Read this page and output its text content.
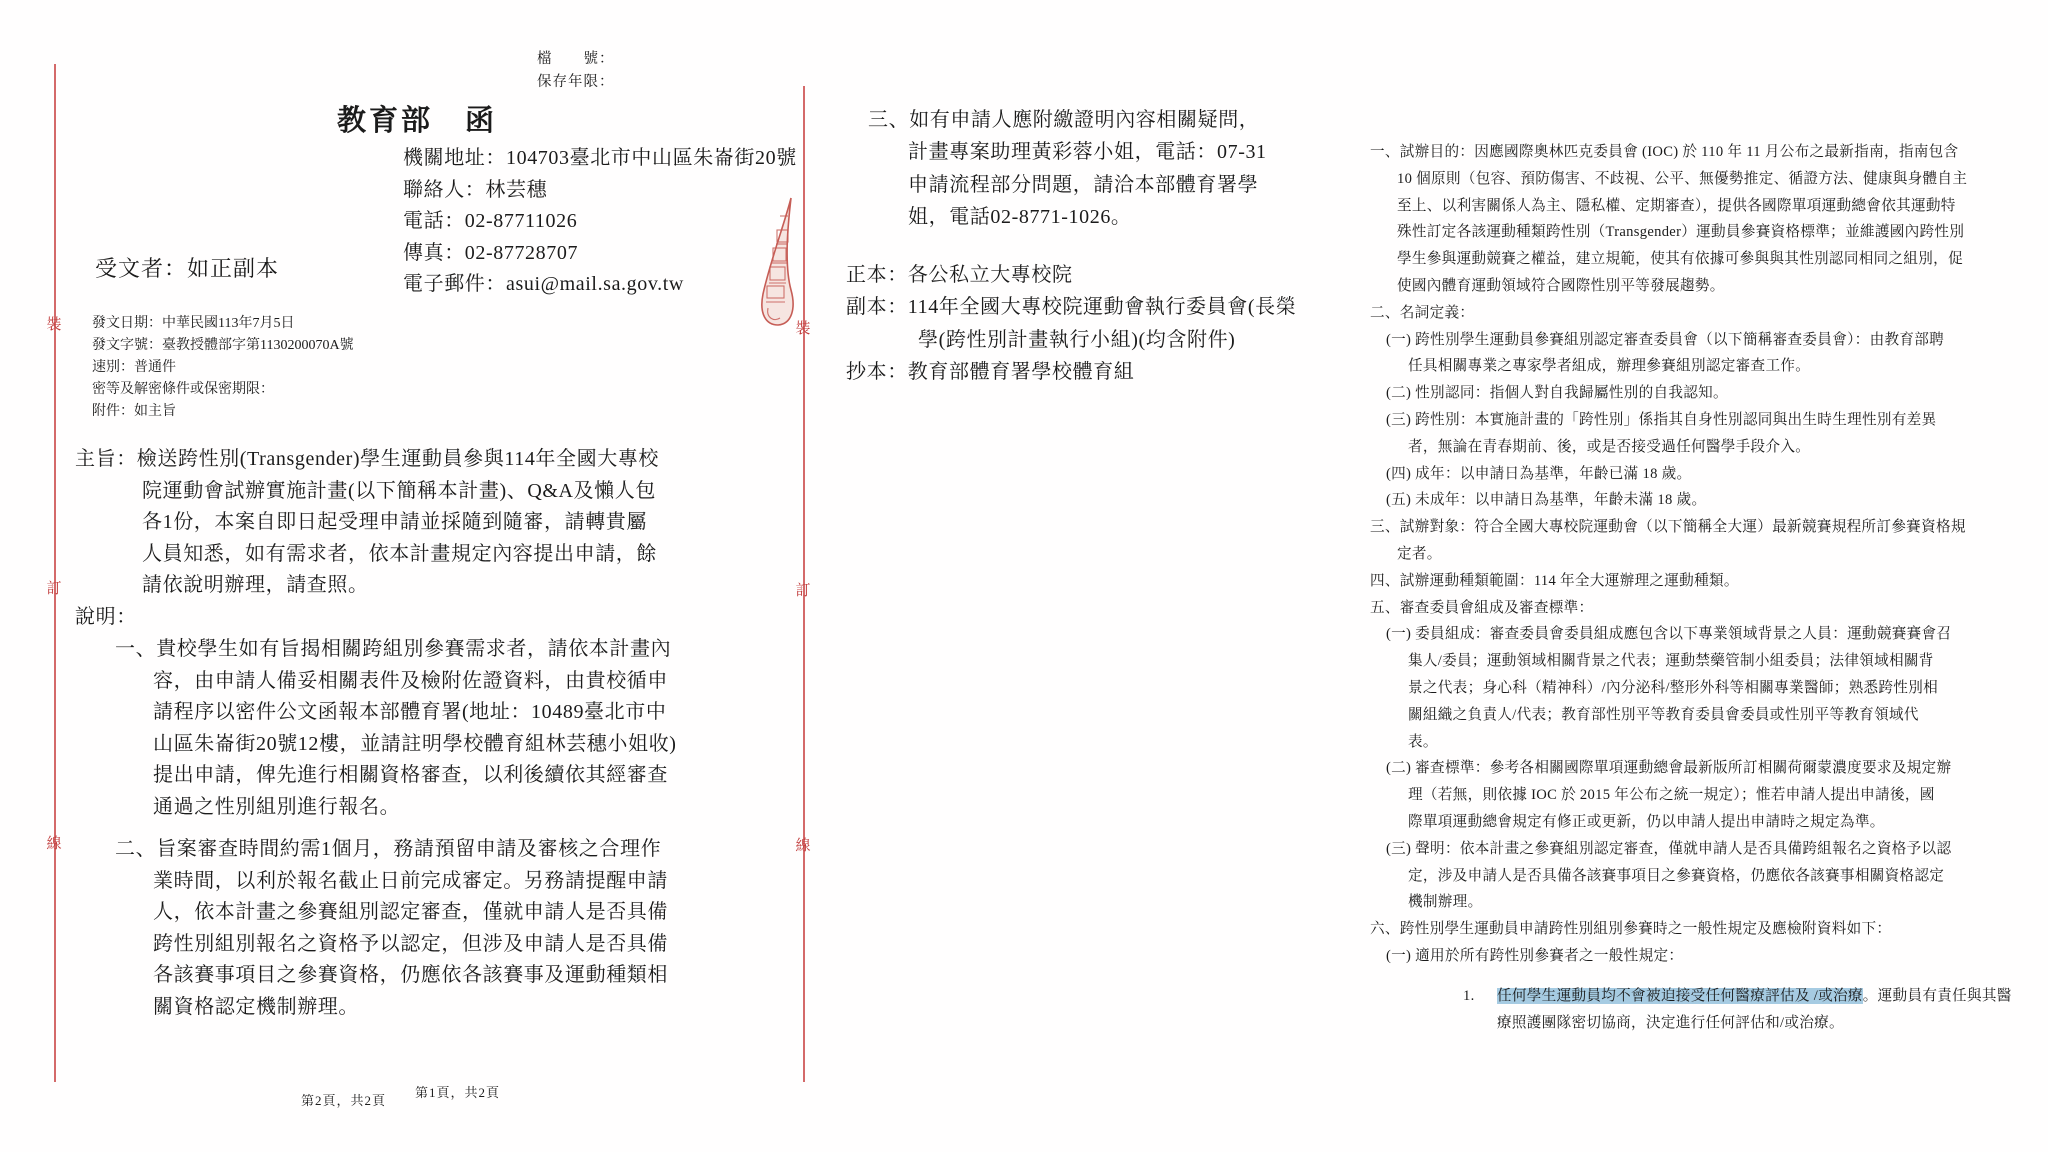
檔　　號：
保存年限：
教育部　函
機關地址：104703臺北市中山區朱崙街20號
聯絡人：林芸穗
電話：02-87711026
傳真：02-87728707
電子郵件：asui@mail.sa.gov.tw
受文者：如正副本
發文日期：中華民國113年7月5日
發文字號：臺教授體部字第1130200070A號
速別：普通件
密等及解密條件或保密期限：
附件：如主旨
主旨：檢送跨性別(Transgender)學生運動員參與114年全國大專校
院運動會試辦實施計畫(以下簡稱本計畫)、Q&A及懶人包
各1份，本案自即日起受理申請並採隨到隨審，請轉貴屬
人員知悉，如有需求者，依本計畫規定內容提出申請，餘
請依說明辦理，請查照。
說明：
一、貴校學生如有旨揭相關跨組別參賽需求者，請依本計畫內
容，由申請人備妥相關表件及檢附佐證資料，由貴校循申
請程序以密件公文函報本部體育署(地址：10489臺北市中
山區朱崙街20號12樓，並請註明學校體育組林芸穗小姐收)
提出申請，俾先進行相關資格審查，以利後續依其經審查
通過之性別組別進行報名。
二、旨案審查時間約需1個月，務請預留申請及審核之合理作
業時間，以利於報名截止日前完成審定。另務請提醒申請
人，依本計畫之參賽組別認定審查，僅就申請人是否具備
跨性別組別報名之資格予以認定，但涉及申請人是否具備
各該賽事項目之參賽資格，仍應依各該賽事及運動種類相
關資格認定機制辦理。
第1頁，共2頁
裝
訂
線
裝
訂
線
三、如有申請人應附繳證明內容相關疑問，
計畫專案助理黃彩蓉小姐，電話：07-31
申請流程部分問題，請洽本部體育署學
姐，電話02-8771-1026。
正本：各公私立大專校院
副本：114年全國大專校院運動會執行委員會(長榮
學(跨性別計畫執行小組)(均含附件)
抄本：教育部體育署學校體育組
第2頁，共2頁
一、試辦目的：因應國際奧林匹克委員會 (IOC) 於 110 年 11 月公布之最新指南，指南包含
10 個原則（包容、預防傷害、不歧視、公平、無優勢推定、循證方法、健康與身體自主
至上、以利害關係人為主、隱私權、定期審查），提供各國際單項運動總會依其運動特
殊性訂定各該運動種類跨性別（Transgender）運動員參賽資格標準；並維護國內跨性別
學生參與運動競賽之權益，建立規範，使其有依據可參與與其性別認同相同之組別，促
使國內體育運動領域符合國際性別平等發展趨勢。
二、名詞定義：
(一) 跨性別學生運動員參賽組別認定審查委員會（以下簡稱審查委員會）：由教育部聘
任具相關專業之專家學者組成，辦理參賽組別認定審查工作。
(二) 性別認同：指個人對自我歸屬性別的自我認知。
(三) 跨性別：本實施計畫的「跨性別」係指其自身性別認同與出生時生理性別有差異
者，無論在青春期前、後，或是否接受過任何醫學手段介入。
(四) 成年：以申請日為基準，年齡已滿 18 歲。
(五) 未成年：以申請日為基準，年齡未滿 18 歲。
三、試辦對象：符合全國大專校院運動會（以下簡稱全大運）最新競賽規程所訂參賽資格規
定者。
四、試辦運動種類範圍：114 年全大運辦理之運動種類。
五、審查委員會組成及審查標準：
(一) 委員組成：審查委員會委員組成應包含以下專業領域背景之人員：運動競賽賽會召
集人/委員；運動領域相關背景之代表；運動禁藥管制小組委員；法律領域相關背
景之代表；身心科（精神科）/內分泌科/整形外科等相關專業醫師；熟悉跨性別相
關組織之負責人/代表；教育部性別平等教育委員會委員或性別平等教育領域代
表。
(二) 審查標準：參考各相關國際單項運動總會最新版所訂相關荷爾蒙濃度要求及規定辦
理（若無，則依據 IOC 於 2015 年公布之統一規定）；惟若申請人提出申請後，國
際單項運動總會規定有修正或更新，仍以申請人提出申請時之規定為準。
(三) 聲明：依本計畫之參賽組別認定審查，僅就申請人是否具備跨組報名之資格予以認
定，涉及申請人是否具備各該賽事項目之參賽資格，仍應依各該賽事相關資格認定
機制辦理。
六、跨性別學生運動員申請跨性別組別參賽時之一般性規定及應檢附資料如下：
(一) 適用於所有跨性別參賽者之一般性規定：
1. 任何學生運動員均不會被迫接受任何醫療評估及 /或治療。運動員有責任與其醫
療照護團隊密切協商，決定進行任何評估和/或治療。
